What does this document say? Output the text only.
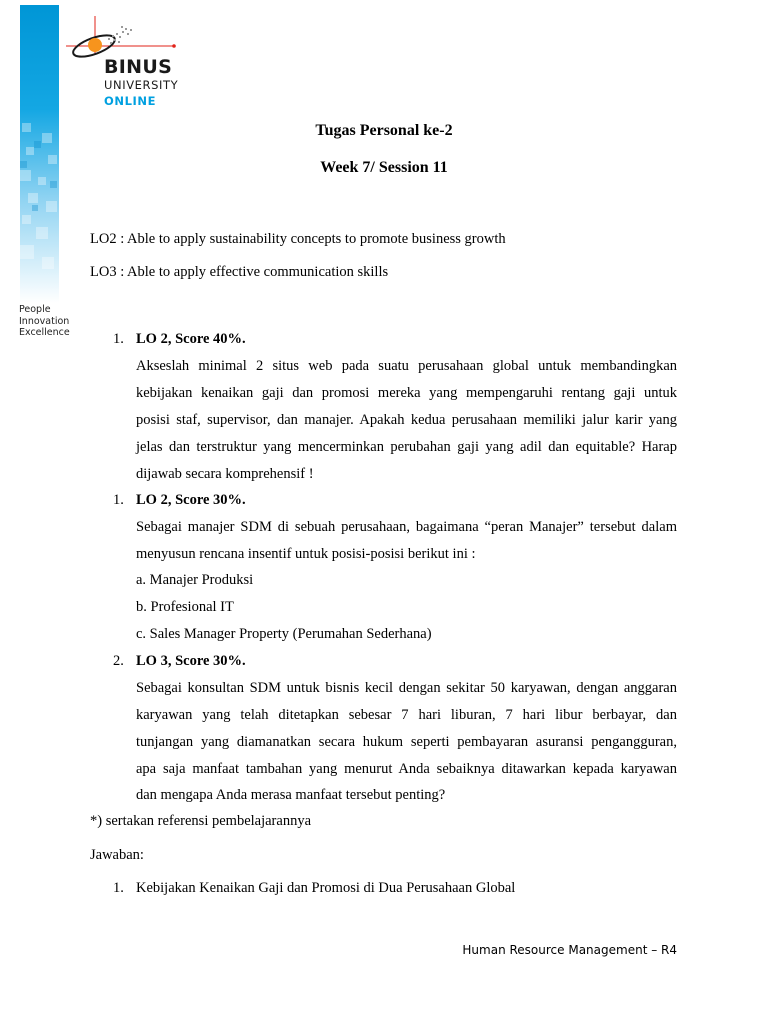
People
Innovation
Excellence
BINUS
UNIVERSITY
ONLINE
Tugas Personal ke-2
Week 7/ Session 11
LO2 : Able to apply sustainability concepts to promote business growth
LO3 : Able to apply effective communication skills
1. LO 2, Score 40%.
Akseslah minimal 2 situs web pada suatu perusahaan global untuk membandingkan
kebijakan kenaikan gaji dan promosi mereka yang mempengaruhi rentang gaji untuk
posisi staf, supervisor, dan manajer. Apakah kedua perusahaan memiliki jalur karir yang
jelas dan terstruktur yang mencerminkan perubahan gaji yang adil dan equitable? Harap
dijawab secara komprehensif !
1. LO 2, Score 30%.
Sebagai manajer SDM di sebuah perusahaan, bagaimana “peran Manajer” tersebut dalam
menyusun rencana insentif untuk posisi-posisi berikut ini :
a. Manajer Produksi
b. Profesional IT
c. Sales Manager Property (Perumahan Sederhana)
2. LO 3, Score 30%.
Sebagai konsultan SDM untuk bisnis kecil dengan sekitar 50 karyawan, dengan anggaran
karyawan yang telah ditetapkan sebesar 7 hari liburan, 7 hari libur berbayar, dan
tunjangan yang diamanatkan secara hukum seperti pembayaran asuransi pengangguran,
apa saja manfaat tambahan yang menurut Anda sebaiknya ditawarkan kepada karyawan
dan mengapa Anda merasa manfaat tersebut penting?
*) sertakan referensi pembelajarannya
Jawaban:
1. Kebijakan Kenaikan Gaji dan Promosi di Dua Perusahaan Global
Human Resource Management – R4
